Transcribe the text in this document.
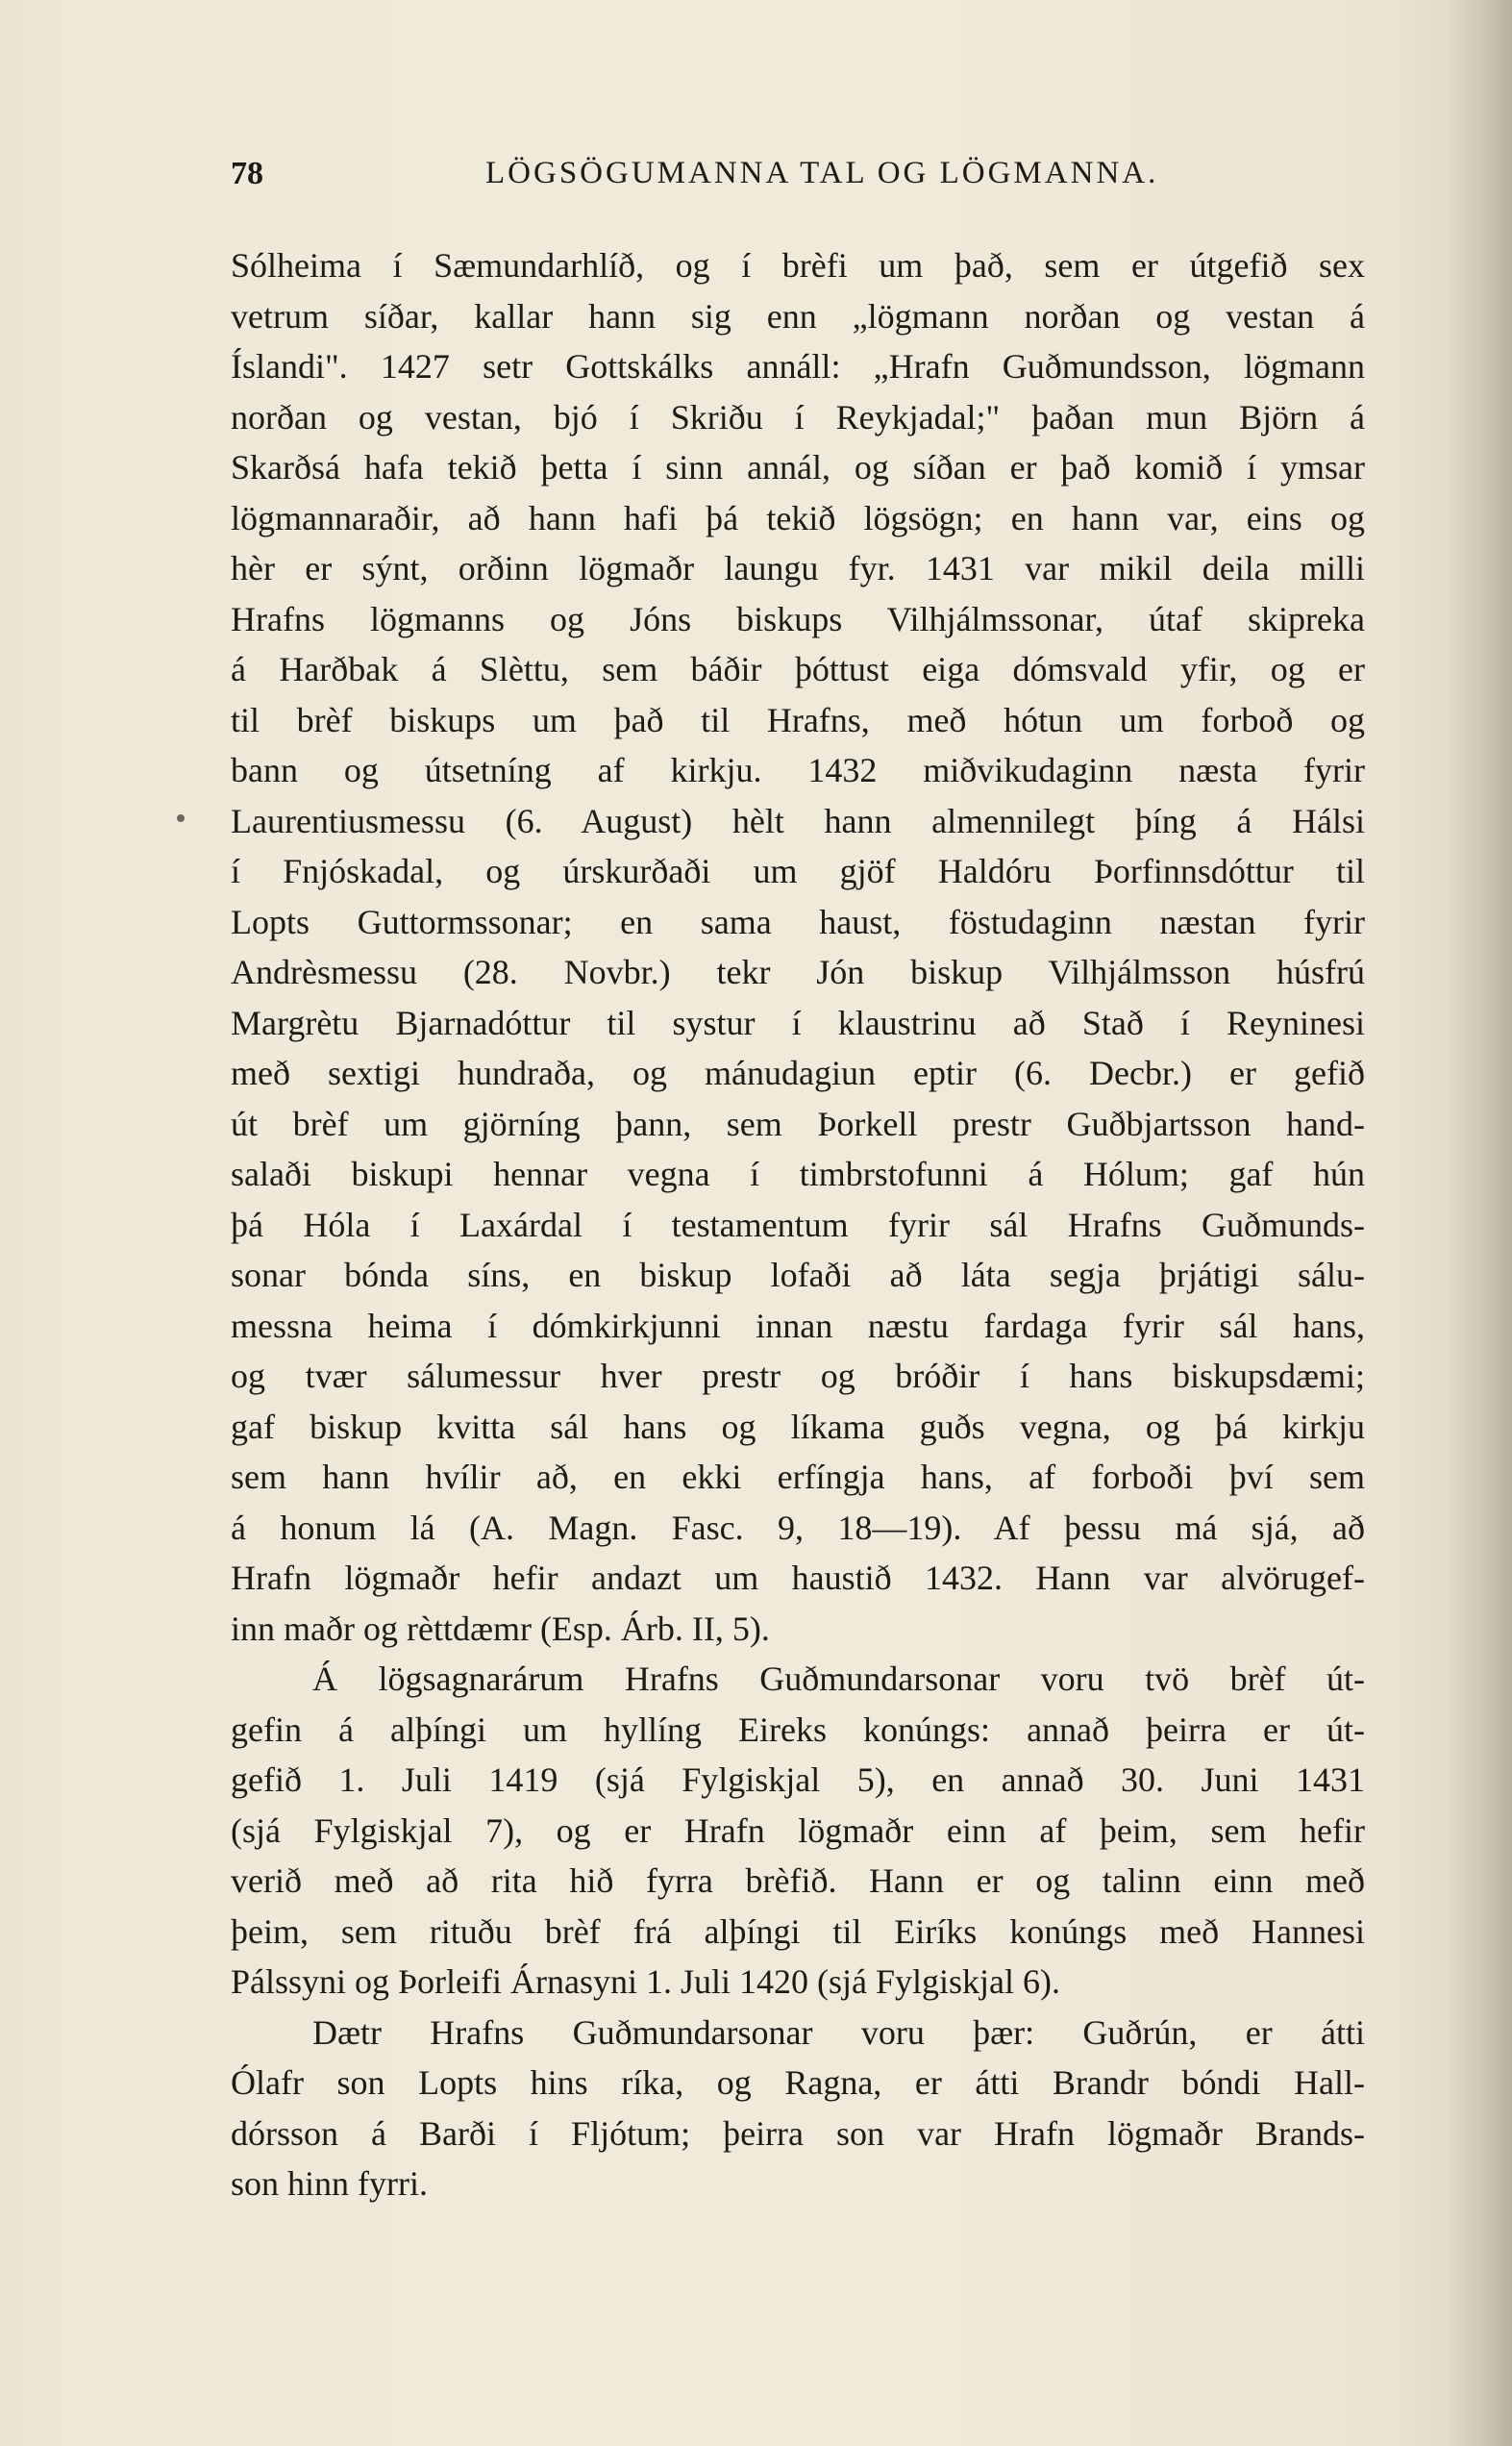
78	LÖGSÖGUMANNA TAL OG LÖGMANNA.
Sólheima í Sæmundarhlíð, og í brèfi um það, sem er útgefið sex
vetrum síðar, kallar hann sig enn „lögmann norðan og vestan á
Íslandi". 1427 setr Gottskálks annáll: „Hrafn Guðmundsson, lögmann
norðan og vestan, bjó í Skriðu í Reykjadal;" þaðan mun Björn á
Skarðsá hafa tekið þetta í sinn annál, og síðan er það komið í ymsar
lögmannaraðir, að hann hafi þá tekið lögsögn; en hann var, eins og
hèr er sýnt, orðinn lögmaðr laungu fyr. 1431 var mikil deila milli
Hrafns lögmanns og Jóns biskups Vilhjálmssonar, útaf skipreka
á Harðbak á Slèttu, sem báðir þóttust eiga dómsvald yfir, og er
til brèf biskups um það til Hrafns, með hótun um forboð og
bann og útsetníng af kirkju. 1432 miðvikudaginn næsta fyrir
Laurentiusmessu (6. August) hèlt hann almennilegt þíng á Hálsi
í Fnjóskadal, og úrskurðaði um gjöf Haldóru Þorfinnsdóttur til
Lopts Guttormssonar; en sama haust, föstudaginn næstan fyrir
Andrèsmessu (28. Novbr.) tekr Jón biskup Vilhjálmsson húsfrú
Margrètu Bjarnadóttur til systur í klaustrinu að Stað í Reyninesi
með sextigi hundraða, og mánudagiun eptir (6. Decbr.) er gefið
út brèf um gjörníng þann, sem Þorkell prestr Guðbjartsson hand-
salaði biskupi hennar vegna í timbrstofunni á Hólum; gaf hún
þá Hóla í Laxárdal í testamentum fyrir sál Hrafns Guðmunds-
sonar bónda síns, en biskup lofaði að láta segja þrjátigi sálu-
messna heima í dómkirkjunni innan næstu fardaga fyrir sál hans,
og tvær sálumessur hver prestr og bróðir í hans biskupsdæmi;
gaf biskup kvitta sál hans og líkama guðs vegna, og þá kirkju
sem hann hvílir að, en ekki erfíngja hans, af forboði því sem
á honum lá (A. Magn. Fasc. 9, 18—19). Af þessu má sjá, að
Hrafn lögmaðr hefir andazt um haustið 1432. Hann var alvörugef-
inn maðr og rèttdæmr (Esp. Árb. II, 5).
Á lögsagnarárum Hrafns Guðmundarsonar voru tvö brèf út-
gefin á alþíngi um hyllíng Eireks konúngs: annað þeirra er út-
gefið 1. Juli 1419 (sjá Fylgiskjal 5), en annað 30. Juni 1431
(sjá Fylgiskjal 7), og er Hrafn lögmaðr einn af þeim, sem hefir
verið með að rita hið fyrra brèfið. Hann er og talinn einn með
þeim, sem rituðu brèf frá alþíngi til Eiríks konúngs með Hannesi
Pálssyni og Þorleifi Árnasyni 1. Juli 1420 (sjá Fylgiskjal 6).
Dætr Hrafns Guðmundarsonar voru þær: Guðrún, er átti
Ólafr son Lopts hins ríka, og Ragna, er átti Brandr bóndi Hall-
dórsson á Barði í Fljótum; þeirra son var Hrafn lögmaðr Brands-
son hinn fyrri.
